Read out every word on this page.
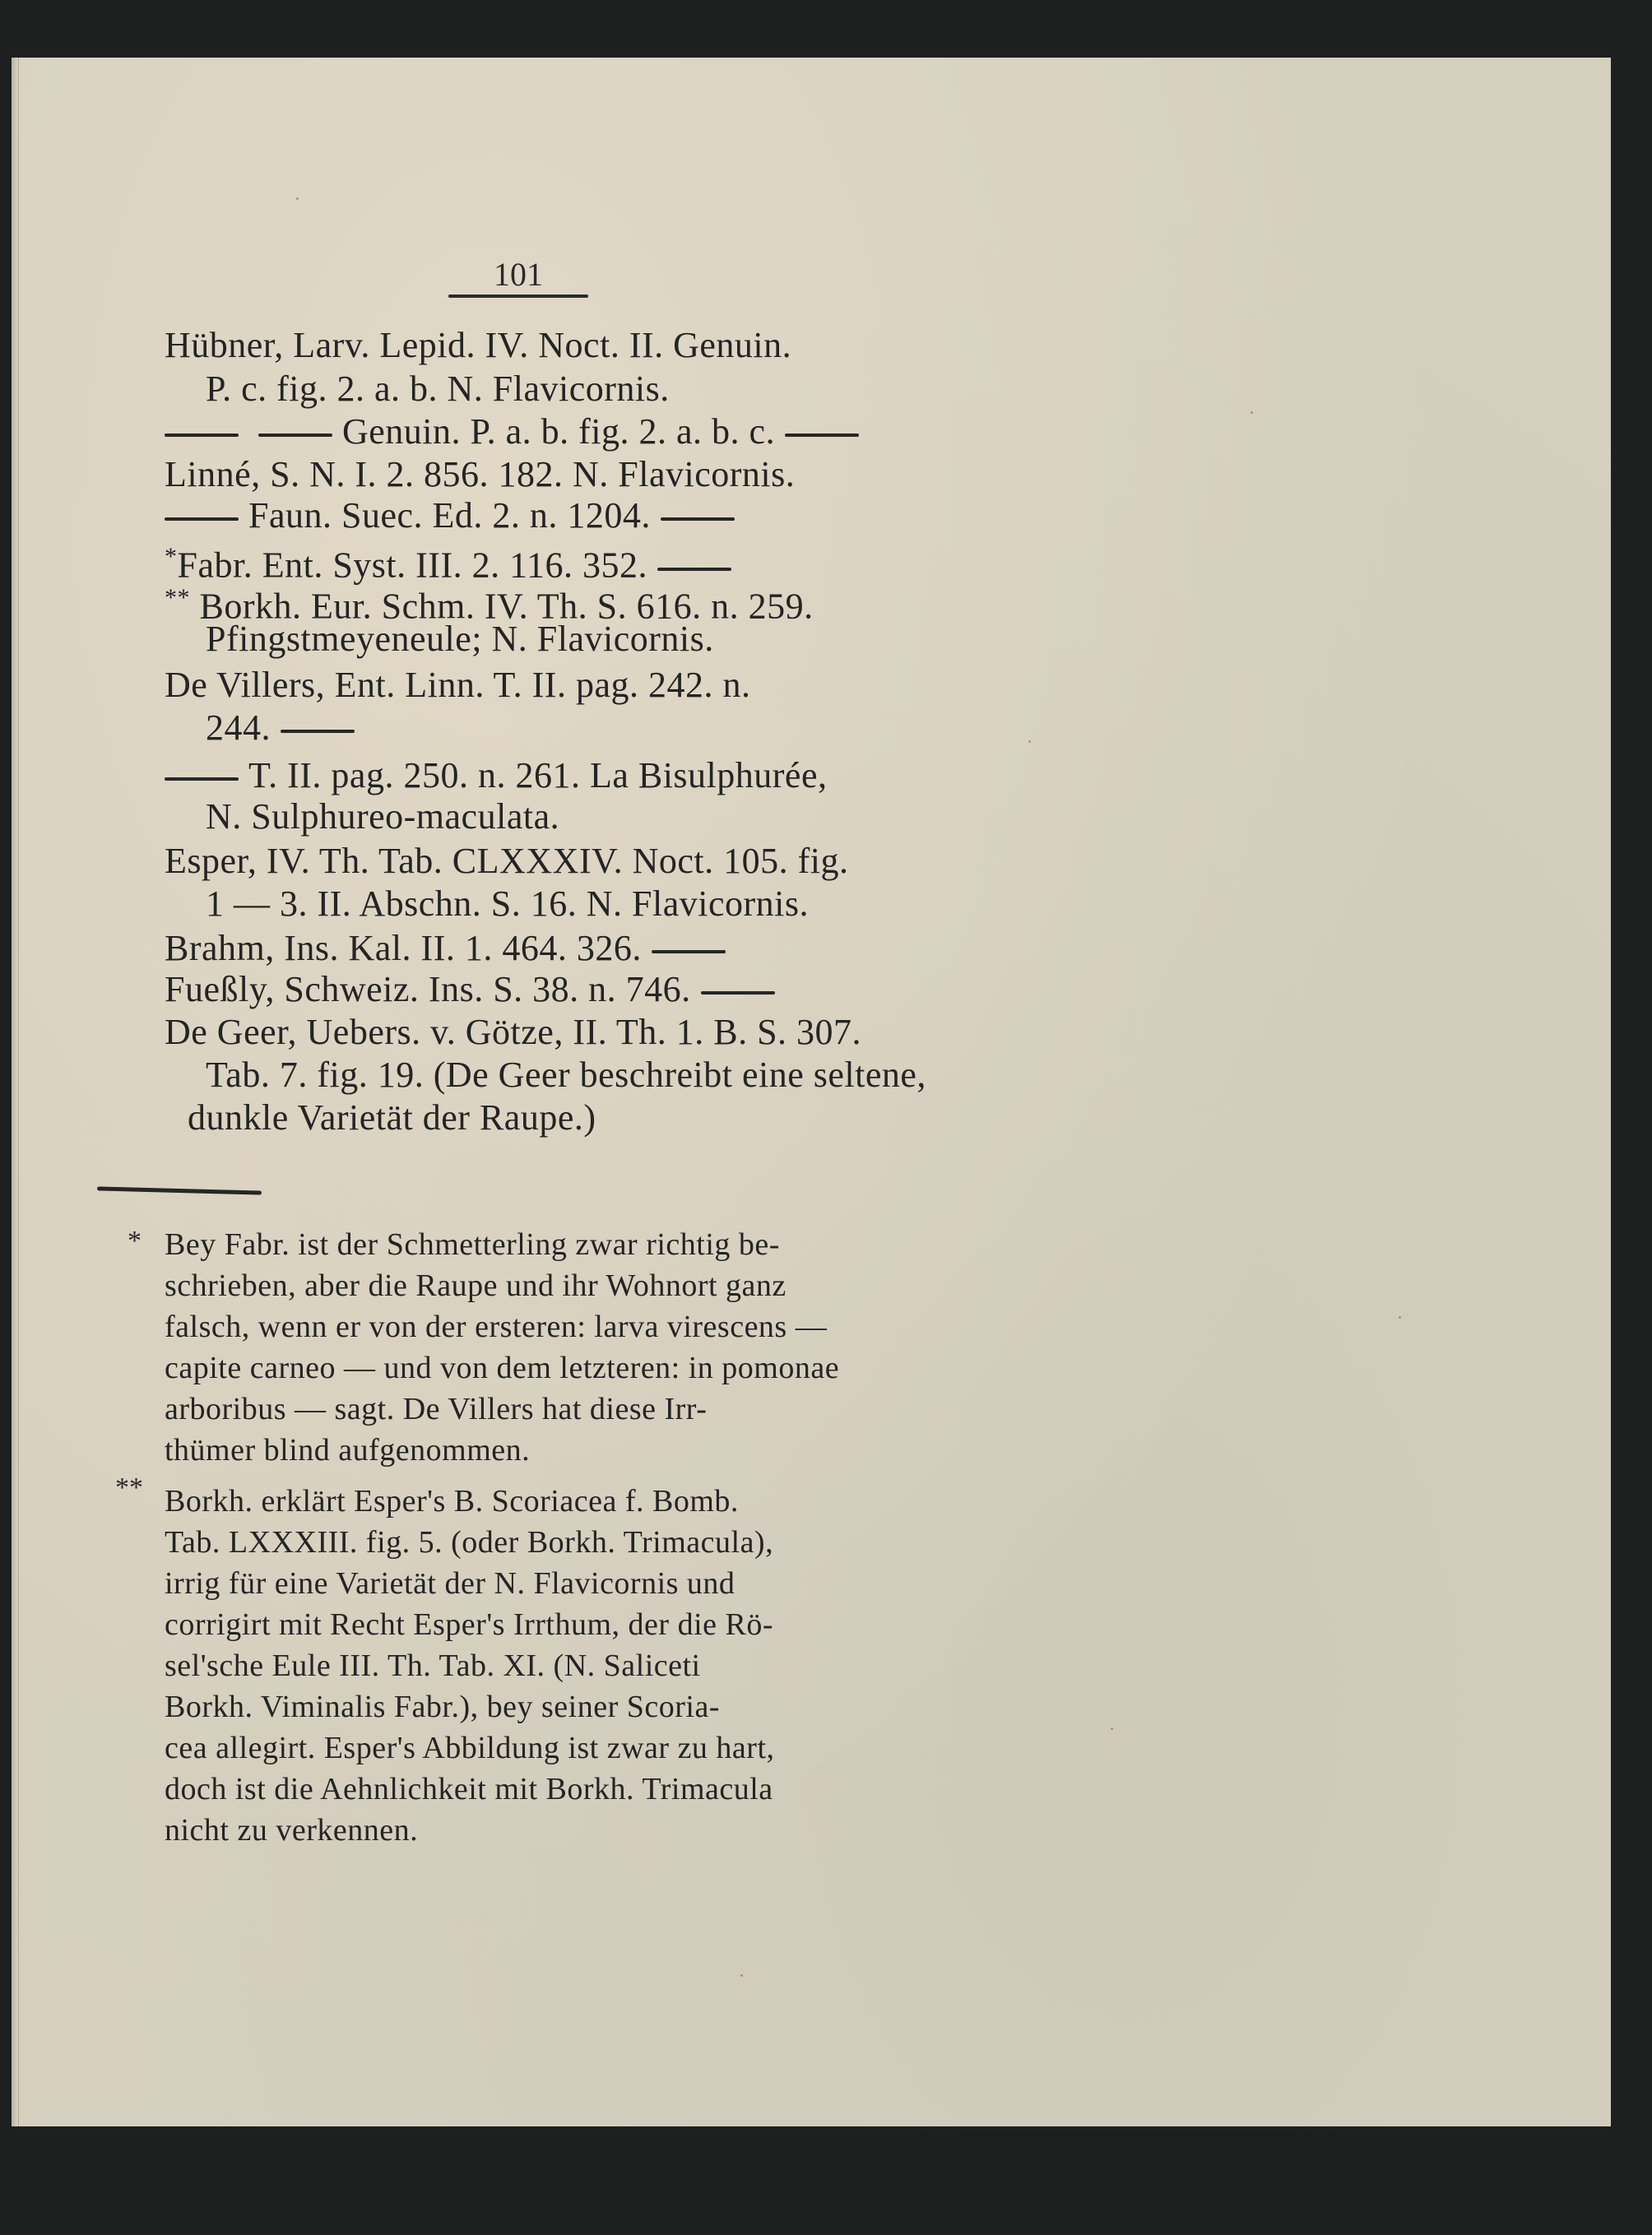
101
Hübner, Larv. Lepid. IV. Noct. II. Genuin.
P. c. fig. 2. a. b. N. Flavicornis.
Genuin. P. a. b. fig. 2. a. b. c.
Linné, S. N. I. 2. 856. 182. N. Flavicornis.
Faun. Suec. Ed. 2. n. 1204.
*Fabr. Ent. Syst. III. 2. 116. 352.
** Borkh. Eur. Schm. IV. Th. S. 616. n. 259.
Pfingstmeyeneule; N. Flavicornis.
De Villers, Ent. Linn. T. II. pag. 242. n.
244.
T. II. pag. 250. n. 261. La Bisulphurée,
N. Sulphureo-maculata.
Esper, IV. Th. Tab. CLXXXIV. Noct. 105. fig.
1 — 3. II. Abschn. S. 16. N. Flavicornis.
Brahm, Ins. Kal. II. 1. 464. 326.
Fueßly, Schweiz. Ins. S. 38. n. 746.
De Geer, Uebers. v. Götze, II. Th. 1. B. S. 307.
Tab. 7. fig. 19. (De Geer beschreibt eine seltene,
dunkle Varietät der Raupe.)
* Bey Fabr. ist der Schmetterling zwar richtig be-
schrieben, aber die Raupe und ihr Wohnort ganz
falsch, wenn er von der ersteren: larva virescens —
capite carneo — und von dem letzteren: in pomonae
arboribus — sagt. De Villers hat diese Irr-
thümer blind aufgenommen.
** Borkh. erklärt Esper's B. Scoriacea f. Bomb.
Tab. LXXXIII. fig. 5. (oder Borkh. Trimacula),
irrig für eine Varietät der N. Flavicornis und
corrigirt mit Recht Esper's Irrthum, der die Rö-
sel'sche Eule III. Th. Tab. XI. (N. Saliceti
Borkh. Viminalis Fabr.), bey seiner Scoria-
cea allegirt. Esper's Abbildung ist zwar zu hart,
doch ist die Aehnlichkeit mit Borkh. Trimacula
nicht zu verkennen.
